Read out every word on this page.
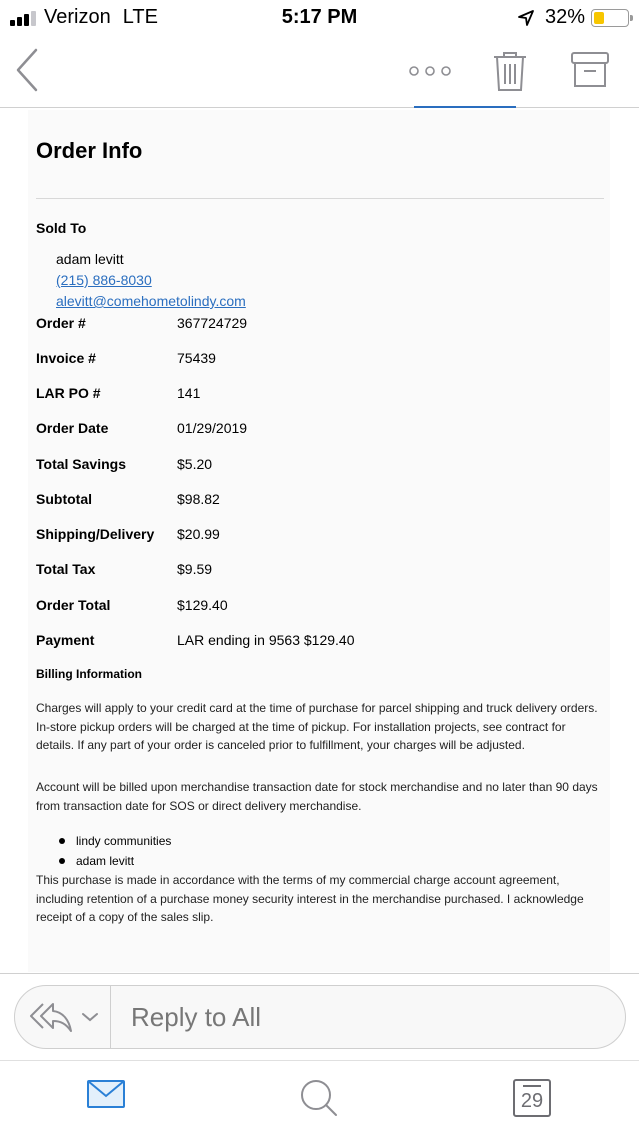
Verizon LTE	5:17 PM	32%
Order Info
Sold To
adam levitt
(215) 886-8030
alevitt@comehometolindy.com
Order #	367724729
Invoice #	75439
LAR PO #	141
Order Date	01/29/2019
Total Savings	$5.20
Subtotal	$98.82
Shipping/Delivery $20.99
Total Tax	$9.59
Order Total	$129.40
Payment	LAR ending in 9563 $129.40
Billing Information
Charges will apply to your credit card at the time of purchase for parcel shipping and truck delivery orders. In-store pickup orders will be charged at the time of pickup. For installation projects, see contract for details. If any part of your order is canceled prior to fulfillment, your charges will be adjusted.
Account will be billed upon merchandise transaction date for stock merchandise and no later than 90 days from transaction date for SOS or direct delivery merchandise.
lindy communities
adam levitt
This purchase is made in accordance with the terms of my commercial charge account agreement, including retention of a purchase money security interest in the merchandise purchased. I acknowledge receipt of a copy of the sales slip.
Reply to All
29
